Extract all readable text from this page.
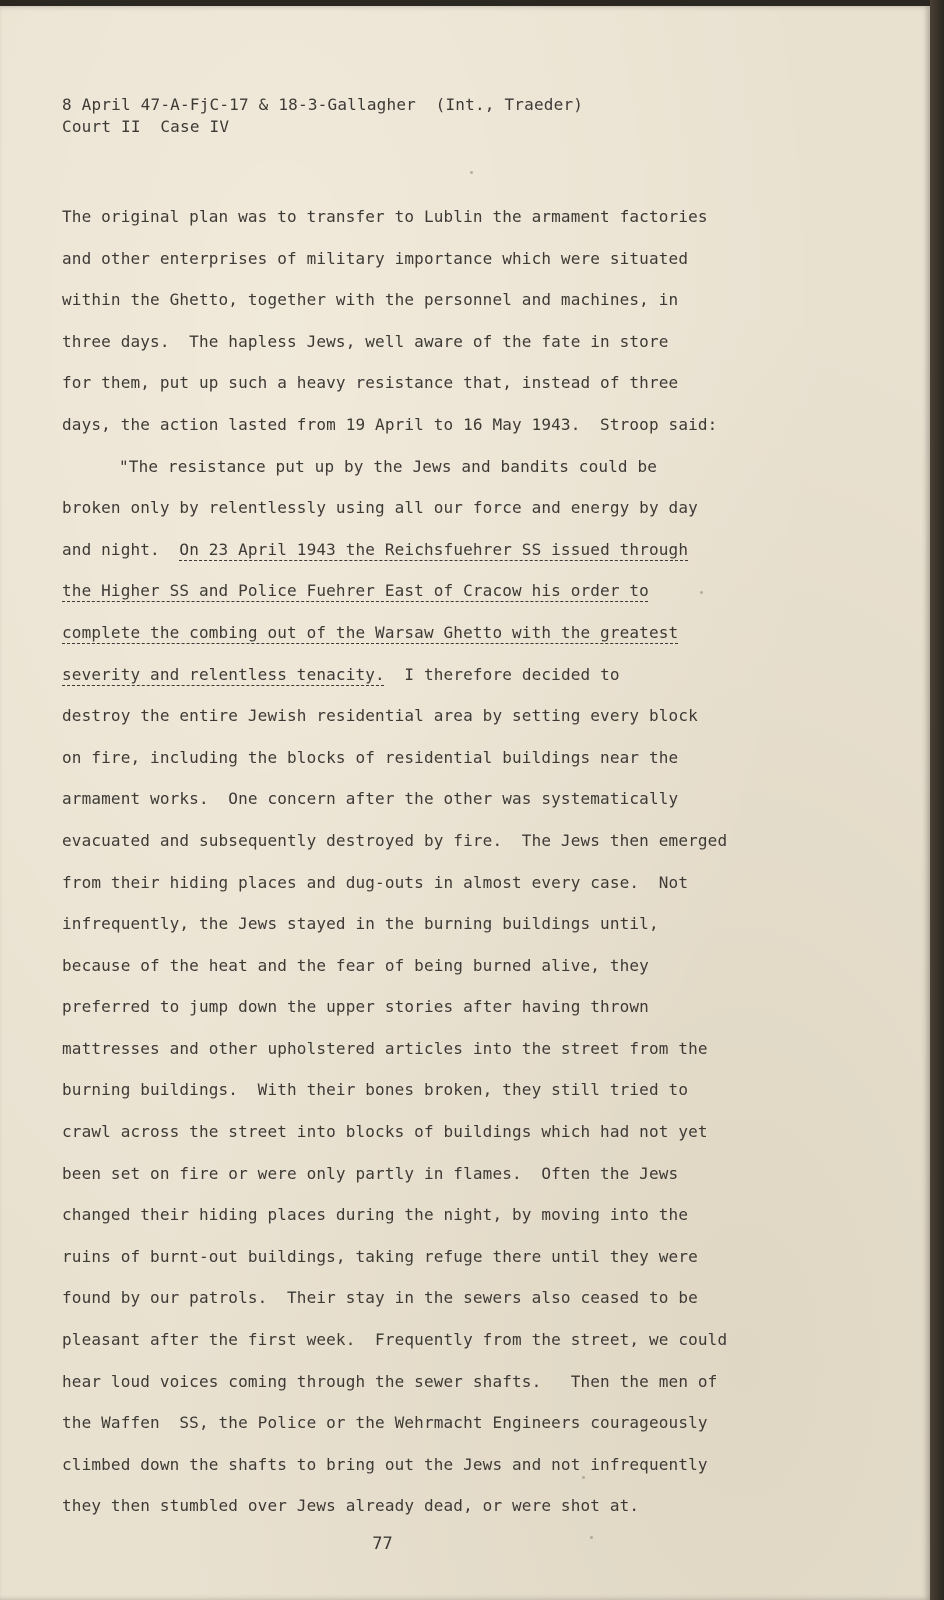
8 April 47-A-FjC-17 & 18-3-Gallagher  (Int., Traeder)
Court II  Case IV
The original plan was to transfer to Lublin the armament factories
and other enterprises of military importance which were situated
within the Ghetto, together with the personnel and machines, in
three days.  The hapless Jews, well aware of the fate in store
for them, put up such a heavy resistance that, instead of three
days, the action lasted from 19 April to 16 May 1943.  Stroop said:
"The resistance put up by the Jews and bandits could be
broken only by relentlessly using all our force and energy by day
and night. On 23 April 1943 the Reichsfuehrer SS issued through
the Higher SS and Police Fuehrer East of Cracow his order to
complete the combing out of the Warsaw Ghetto with the greatest
severity and relentless tenacity. I therefore decided to
destroy the entire Jewish residential area by setting every block
on fire, including the blocks of residential buildings near the
armament works.  One concern after the other was systematically
evacuated and subsequently destroyed by fire.  The Jews then emerged
from their hiding places and dug-outs in almost every case.  Not
infrequently, the Jews stayed in the burning buildings until,
because of the heat and the fear of being burned alive, they
preferred to jump down the upper stories after having thrown
mattresses and other upholstered articles into the street from the
burning buildings.  With their bones broken, they still tried to
crawl across the street into blocks of buildings which had not yet
been set on fire or were only partly in flames.  Often the Jews
changed their hiding places during the night, by moving into the
ruins of burnt-out buildings, taking refuge there until they were
found by our patrols.  Their stay in the sewers also ceased to be
pleasant after the first week.  Frequently from the street, we could
hear loud voices coming through the sewer shafts.   Then the men of
the Waffen  SS, the Police or the Wehrmacht Engineers courageously
climbed down the shafts to bring out the Jews and not infrequently
they then stumbled over Jews already dead, or were shot at.
77
